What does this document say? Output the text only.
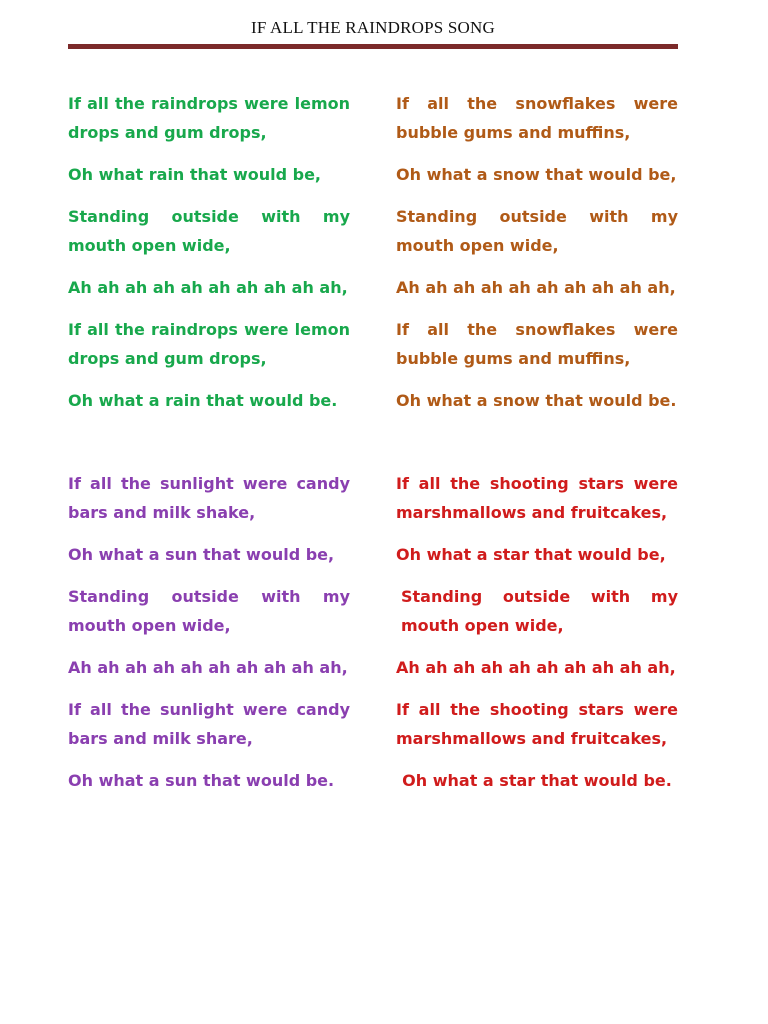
IF ALL THE RAINDROPS SONG

If all the raindrops were lemon drops and gum drops,

Oh what rain that would be,

Standing outside with my mouth open wide,

Ah ah ah ah ah ah ah ah ah ah,

If all the raindrops were lemon drops and gum drops,

Oh what a rain that would be.

If all the snowflakes were bubble gums and muffins,

Oh what a snow that would be,

Standing outside with my mouth open wide,

Ah ah ah ah ah ah ah ah ah ah,

If all the snowflakes were bubble gums and muffins,

Oh what a snow that would be.

If all the sunlight were candy bars and milk shake,

Oh what a sun that would be,

Standing outside with my mouth open wide,

Ah ah ah ah ah ah ah ah ah ah,

If all the sunlight were candy bars and milk share,

Oh what a sun that would be.

If all the shooting stars were marshmallows and fruitcakes,

Oh what a star that would be,

Standing outside with my mouth open wide,

Ah ah ah ah ah ah ah ah ah ah,

If all the shooting stars were marshmallows and fruitcakes,

Oh what a star that would be.
